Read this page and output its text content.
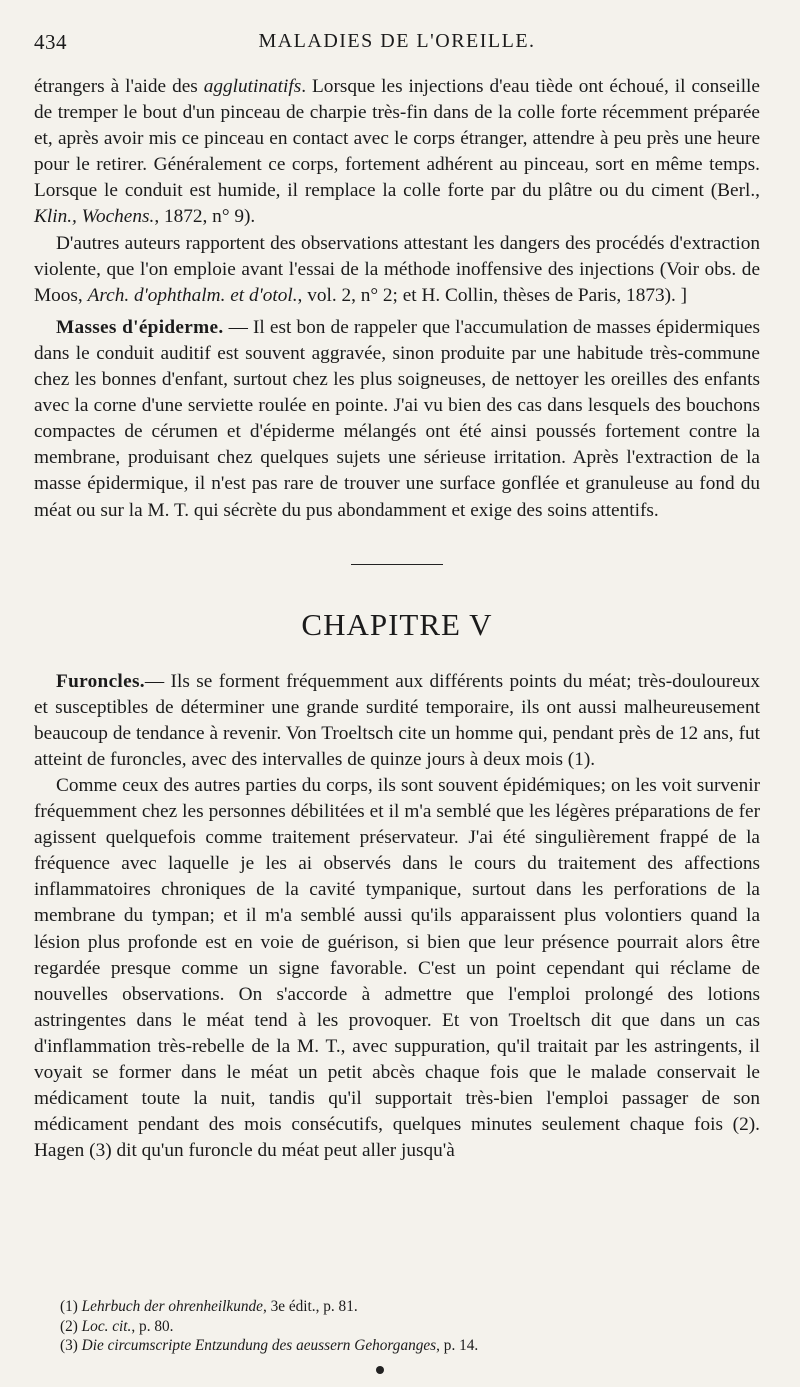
434	MALADIES DE L'OREILLE.

étrangers à l'aide des agglutinatifs. Lorsque les injections d'eau tiède ont échoué, il conseille de tremper le bout d'un pinceau de charpie très-fin dans de la colle forte récemment préparée et, après avoir mis ce pinceau en contact avec le corps étranger, attendre à peu près une heure pour le retirer. Généralement ce corps, fortement adhérent au pinceau, sort en même temps. Lorsque le conduit est humide, il remplace la colle forte par du plâtre ou du ciment (Berl., Klin., Wochens., 1872, n° 9).

D'autres auteurs rapportent des observations attestant les dangers des procédés d'extraction violente, que l'on emploie avant l'essai de la méthode inoffensive des injections (Voir obs. de Moos, Arch. d'ophthalm. et d'otol., vol. 2, n° 2; et H. Collin, thèses de Paris, 1873). ]

Masses d'épiderme. — Il est bon de rappeler que l'accumulation de masses épidermiques dans le conduit auditif est souvent aggravée, sinon produite par une habitude très-commune chez les bonnes d'enfant, surtout chez les plus soigneuses, de nettoyer les oreilles des enfants avec la corne d'une serviette roulée en pointe. J'ai vu bien des cas dans lesquels des bouchons compactes de cérumen et d'épiderme mélangés ont été ainsi poussés fortement contre la membrane, produisant chez quelques sujets une sérieuse irritation. Après l'extraction de la masse épidermique, il n'est pas rare de trouver une surface gonflée et granuleuse au fond du méat ou sur la M. T. qui sécrète du pus abondamment et exige des soins attentifs.

CHAPITRE V

Furoncles.— Ils se forment fréquemment aux différents points du méat; très-douloureux et susceptibles de déterminer une grande surdité temporaire, ils ont aussi malheureusement beaucoup de tendance à revenir. Von Troeltsch cite un homme qui, pendant près de 12 ans, fut atteint de furoncles, avec des intervalles de quinze jours à deux mois (1).

Comme ceux des autres parties du corps, ils sont souvent épidémiques; on les voit survenir fréquemment chez les personnes débilitées et il m'a semblé que les légères préparations de fer agissent quelquefois comme traitement préservateur. J'ai été singulièrement frappé de la fréquence avec laquelle je les ai observés dans le cours du traitement des affections inflammatoires chroniques de la cavité tympanique, surtout dans les perforations de la membrane du tympan; et il m'a semblé aussi qu'ils apparaissent plus volontiers quand la lésion plus profonde est en voie de guérison, si bien que leur présence pourrait alors être regardée presque comme un signe favorable. C'est un point cependant qui réclame de nouvelles observations. On s'accorde à admettre que l'emploi prolongé des lotions astringentes dans le méat tend à les provoquer. Et von Troeltsch dit que dans un cas d'inflammation très-rebelle de la M. T., avec suppuration, qu'il traitait par les astringents, il voyait se former dans le méat un petit abcès chaque fois que le malade conservait le médicament toute la nuit, tandis qu'il supportait très-bien l'emploi passager de son médicament pendant des mois consécutifs, quelques minutes seulement chaque fois (2). Hagen (3) dit qu'un furoncle du méat peut aller jusqu'à

(1) Lehrbuch der ohrenheilkunde, 3e édit., p. 81.
(2) Loc. cit., p. 80.
(3) Die circumscripte Entzundung des aeussern Gehorganges, p. 14.
